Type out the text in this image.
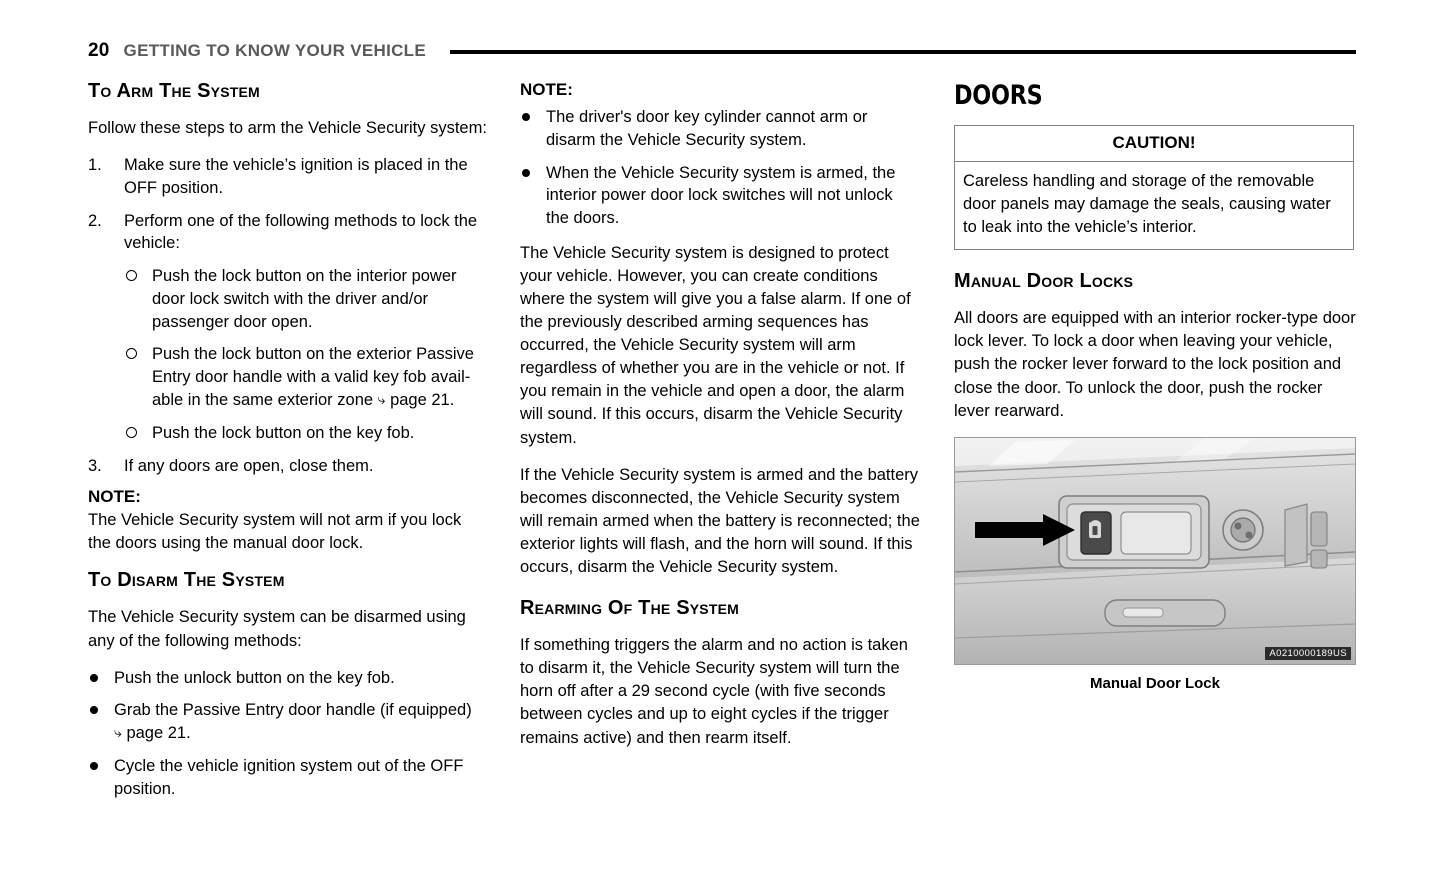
20 GETTING TO KNOW YOUR VEHICLE
To Arm The System

Follow these steps to arm the Vehicle Security system:

1.	Make sure the vehicle’s ignition is placed in the OFF position.
2.	Perform one of the following methods to lock the vehicle:
Push the lock button on the interior power door lock switch with the driver and/or passenger door open.
Push the lock button on the exterior Passive Entry door handle with a valid key fob avail-able in the same exterior zone ⤷ page 21.
Push the lock button on the key fob.
3.	If any doors are open, close them.

NOTE:

The Vehicle Security system will not arm if you lock the doors using the manual door lock.

To Disarm The System

The Vehicle Security system can be disarmed using any of the following methods:

Push the unlock button on the key fob.
Grab the Passive Entry door handle (if equipped)
⤷ page 21.
Cycle the vehicle ignition system out of the OFF position.

NOTE:

The driver's door key cylinder cannot arm or disarm the Vehicle Security system.
When the Vehicle Security system is armed, the interior power door lock switches will not unlock the doors.

The Vehicle Security system is designed to protect your vehicle. However, you can create conditions where the system will give you a false alarm. If one of the previously described arming sequences has occurred, the Vehicle Security system will arm regardless of whether you are in the vehicle or not. If you remain in the vehicle and open a door, the alarm will sound. If this occurs, disarm the Vehicle Security system.

If the Vehicle Security system is armed and the battery becomes disconnected, the Vehicle Security system will remain armed when the battery is reconnected; the exterior lights will flash, and the horn will sound. If this occurs, disarm the Vehicle Security system.

Rearming Of The System

If something triggers the alarm and no action is taken to disarm it, the Vehicle Security system will turn the horn off after a 29 second cycle (with five seconds between cycles and up to eight cycles if the trigger remains active) and then rearm itself.

DOORS
CAUTION!
Careless handling and storage of the removable door panels may damage the seals, causing water to leak into the vehicle’s interior.
Manual Door Locks

All doors are equipped with an interior rocker-type door lock lever. To lock a door when leaving your vehicle, push the rocker lever forward to the lock position and close the door. To unlock the door, push the rocker lever rearward.

A0210000189US
Manual Door Lock
